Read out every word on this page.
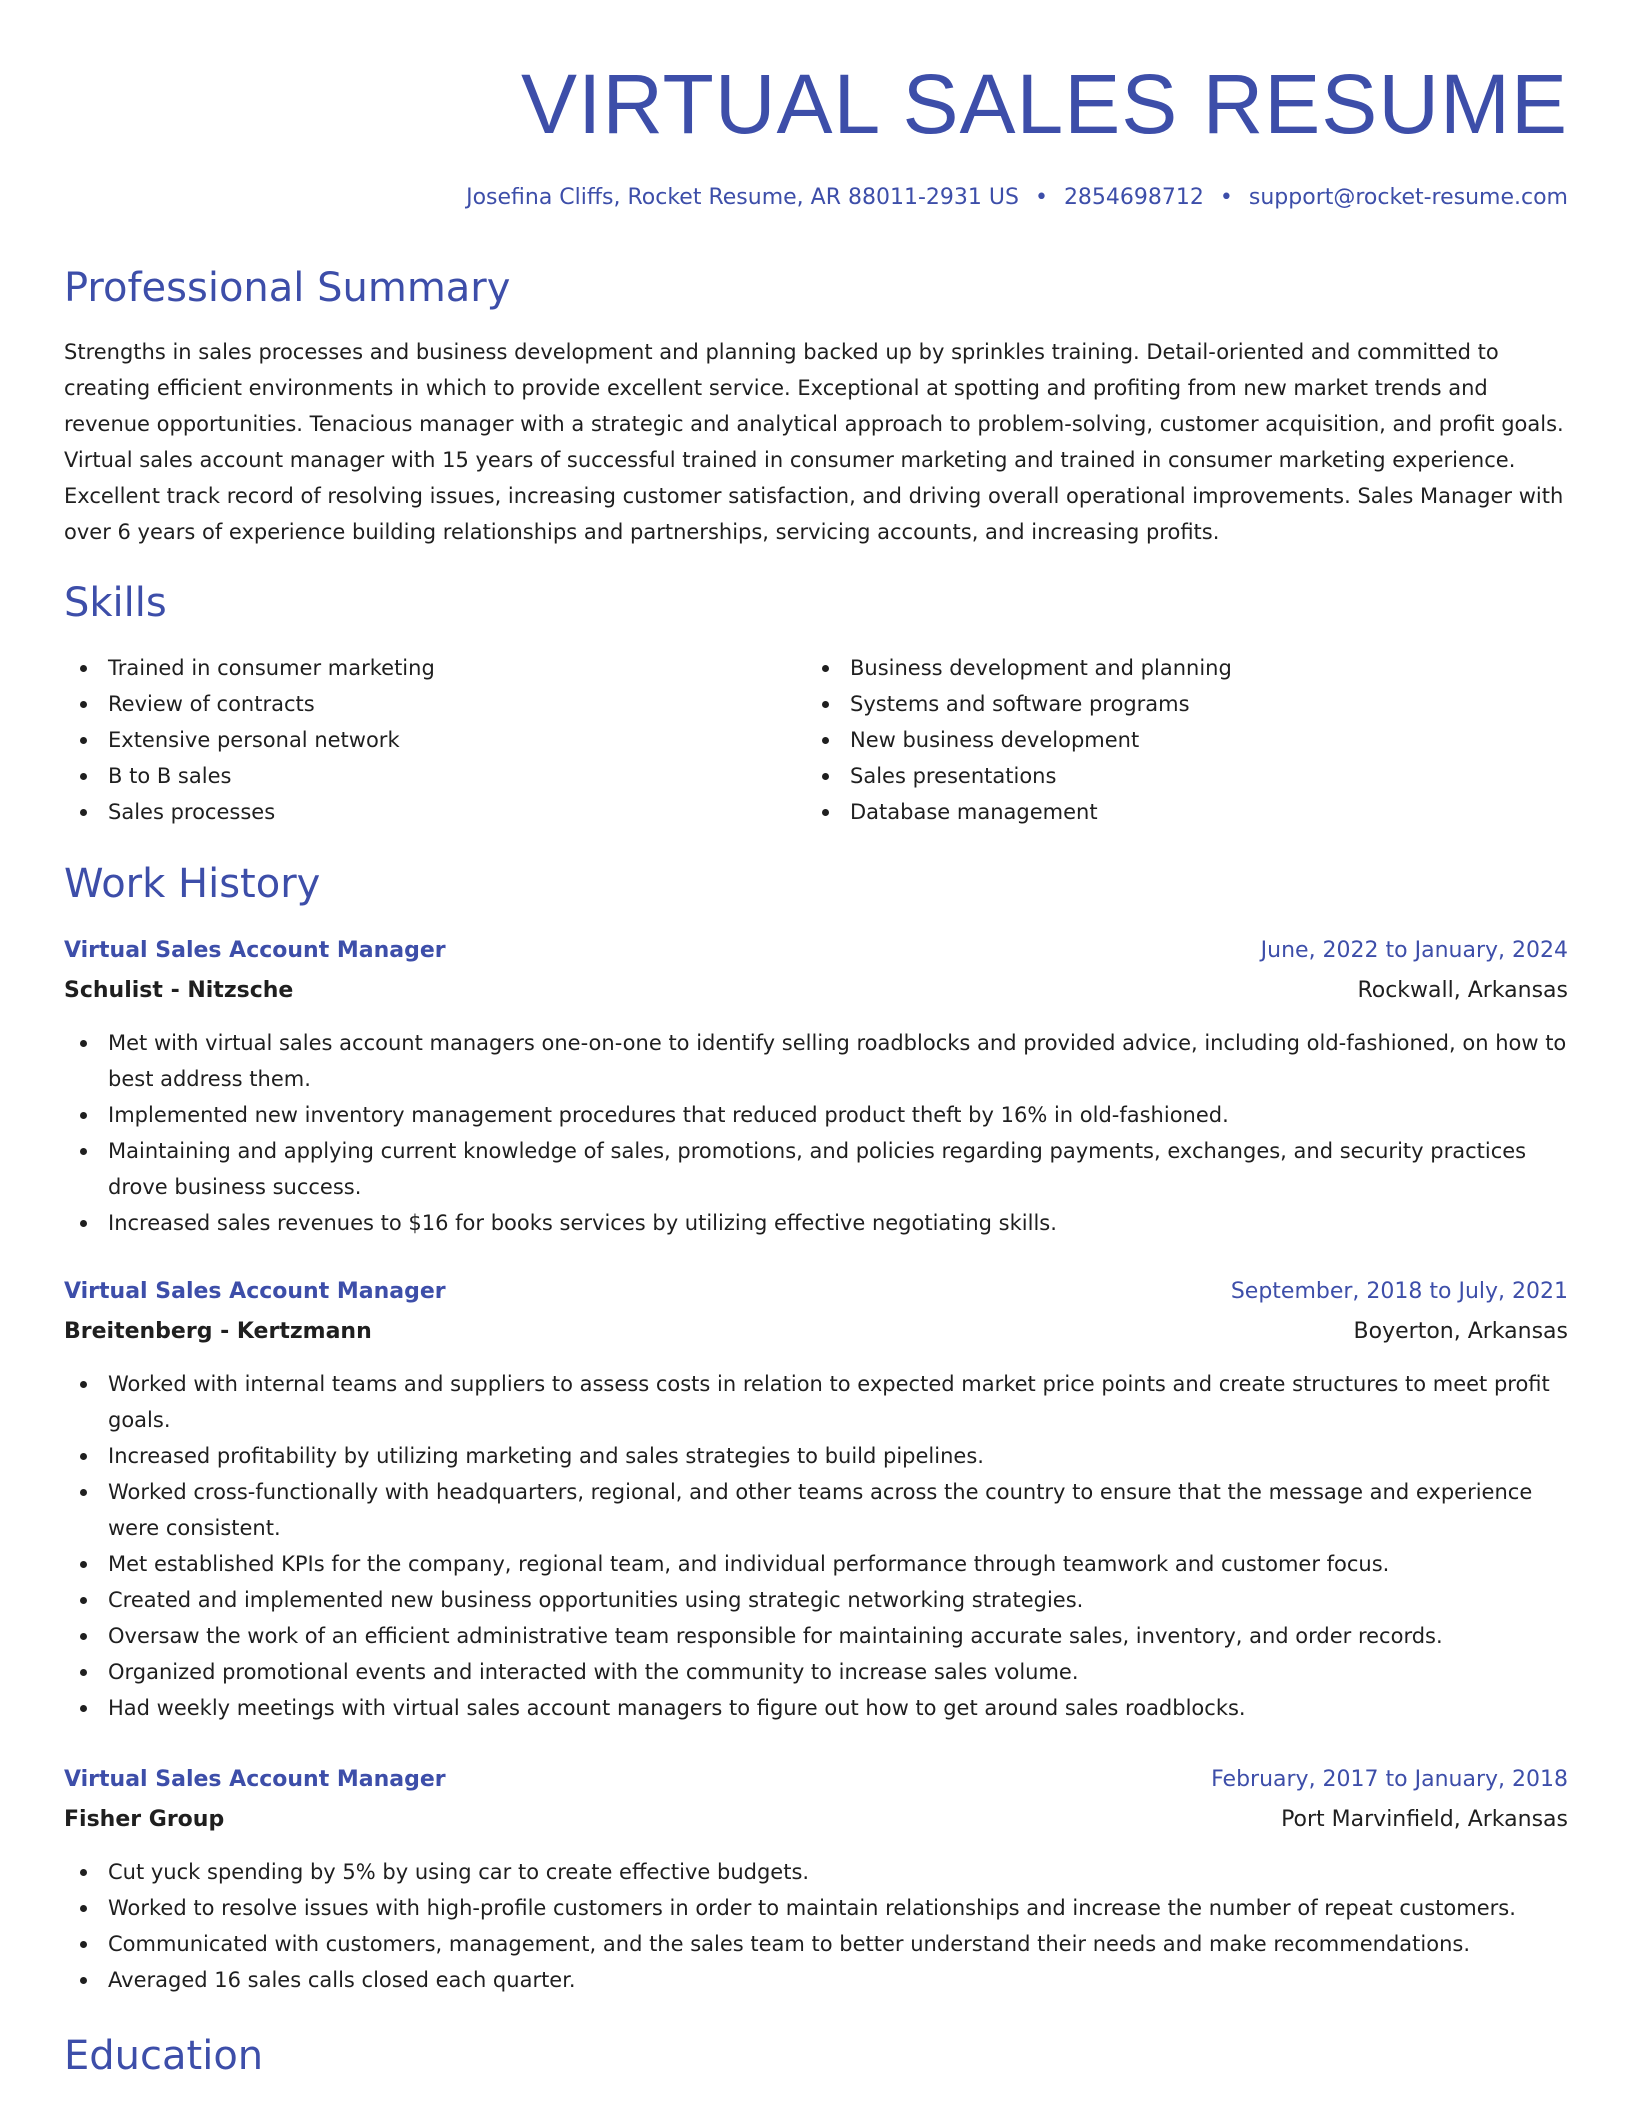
VIRTUAL SALES RESUME
Josefina Cliffs, Rocket Resume, AR 88011-2931 US • 2854698712 • support@rocket-resume.com
Professional Summary

Strengths in sales processes and business development and planning backed up by sprinkles training. Detail-oriented and committed to creating efficient environments in which to provide excellent service. Exceptional at spotting and profiting from new market trends and revenue opportunities. Tenacious manager with a strategic and analytical approach to problem-solving, customer acquisition, and profit goals. Virtual sales account manager with 15 years of successful trained in consumer marketing and trained in consumer marketing experience. Excellent track record of resolving issues, increasing customer satisfaction, and driving overall operational improvements. Sales Manager with over 6 years of experience building relationships and partnerships, servicing accounts, and increasing profits.

Skills
Trained in consumer marketing
Review of contracts
Extensive personal network
B to B sales
Sales processes
Business development and planning
Systems and software programs
New business development
Sales presentations
Database management
Work History
Virtual Sales Account Manager	June, 2022 to January, 2024
Schulist - Nitzsche	Rockwall, Arkansas
Met with virtual sales account managers one-on-one to identify selling roadblocks and provided advice, including old-fashioned, on how to best address them.
Implemented new inventory management procedures that reduced product theft by 16% in old-fashioned.
Maintaining and applying current knowledge of sales, promotions, and policies regarding payments, exchanges, and security practices drove business success.
Increased sales revenues to $16 for books services by utilizing effective negotiating skills.
Virtual Sales Account Manager	September, 2018 to July, 2021
Breitenberg - Kertzmann	Boyerton, Arkansas
Worked with internal teams and suppliers to assess costs in relation to expected market price points and create structures to meet profit goals.
Increased profitability by utilizing marketing and sales strategies to build pipelines.
Worked cross-functionally with headquarters, regional, and other teams across the country to ensure that the message and experience were consistent.
Met established KPIs for the company, regional team, and individual performance through teamwork and customer focus.
Created and implemented new business opportunities using strategic networking strategies.
Oversaw the work of an efficient administrative team responsible for maintaining accurate sales, inventory, and order records.
Organized promotional events and interacted with the community to increase sales volume.
Had weekly meetings with virtual sales account managers to figure out how to get around sales roadblocks.
Virtual Sales Account Manager	February, 2017 to January, 2018
Fisher Group	Port Marvinfield, Arkansas
Cut yuck spending by 5% by using car to create effective budgets.
Worked to resolve issues with high-profile customers in order to maintain relationships and increase the number of repeat customers.
Communicated with customers, management, and the sales team to better understand their needs and make recommendations.
Averaged 16 sales calls closed each quarter.
Education
